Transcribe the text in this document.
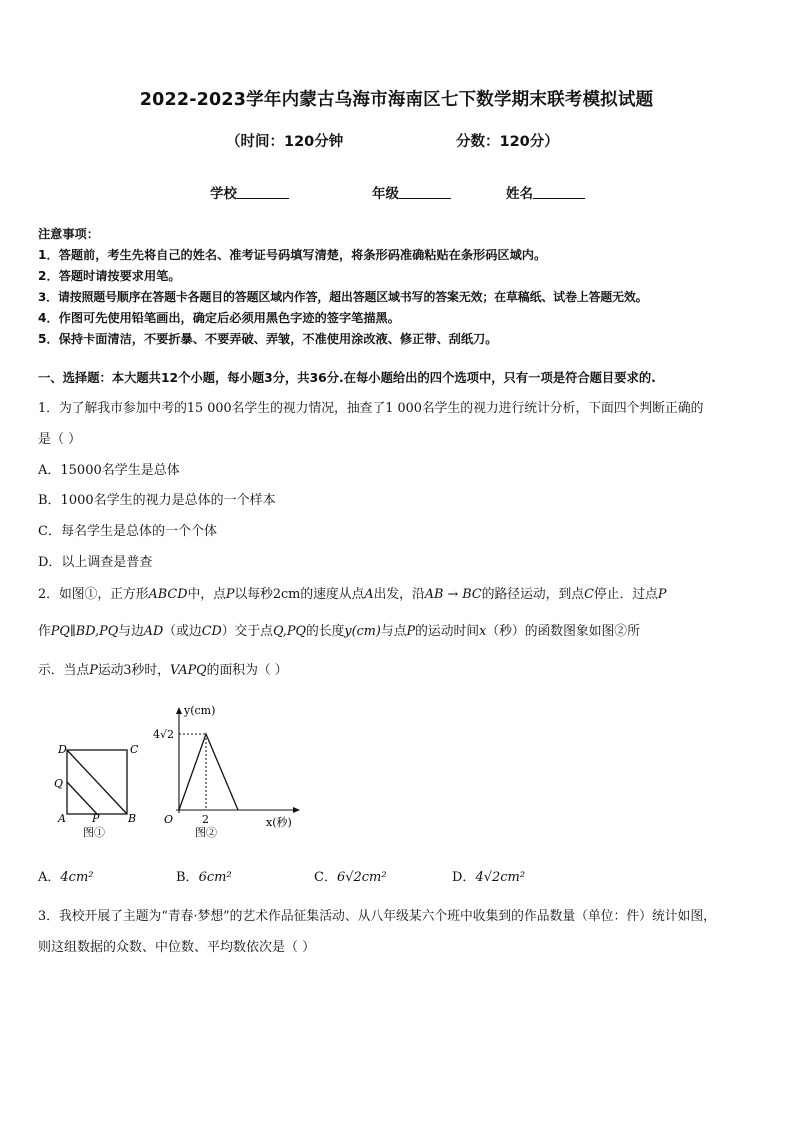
2022-2023学年内蒙古乌海市海南区七下数学期末联考模拟试题
（时间：120分钟	分数：120分）
学校	年级	姓名
注意事项：
1．答题前，考生先将自己的姓名、准考证号码填写清楚，将条形码准确粘贴在条形码区域内。
2．答题时请按要求用笔。
3．请按照题号顺序在答题卡各题目的答题区域内作答，超出答题区域书写的答案无效；在草稿纸、试卷上答题无效。
4．作图可先使用铅笔画出，确定后必须用黑色字迹的签字笔描黑。
5．保持卡面清洁，不要折暴、不要弄破、弄皱，不准使用涂改液、修正带、刮纸刀。
一、选择题：本大题共12个小题，每小题3分，共36分.在每小题给出的四个选项中，只有一项是符合题目要求的.
1．为了解我市参加中考的15 000名学生的视力情况，抽查了1 000名学生的视力进行统计分析，下面四个判断正确的
是（ ）
A．15000名学生是总体
B．1000名学生的视力是总体的一个样本
C．每名学生是总体的一个个体
D．以上调查是普查
2．如图①，正方形ABCD中，点P以每秒2cm的速度从点A出发，沿AB → BC的路径运动，到点C停止．过点P
作PQ∥BD,PQ与边AD（或边CD）交于点Q,PQ的长度y(cm)与点P的运动时间x（秒）的函数图象如图②所
示．当点P运动3秒时，VAPQ的面积为（ ）
D	C
Q
A P	B
图①
y(cm)
4√2
O	2	x(秒)
图②
A．4cm²	B．6cm²	C．6√2cm²	D．4√2cm²
3．我校开展了主题为“青春·梦想”的艺术作品征集活动、从八年级某六个班中收集到的作品数量（单位：件）统计如图，
则这组数据的众数、中位数、平均数依次是（ ）
